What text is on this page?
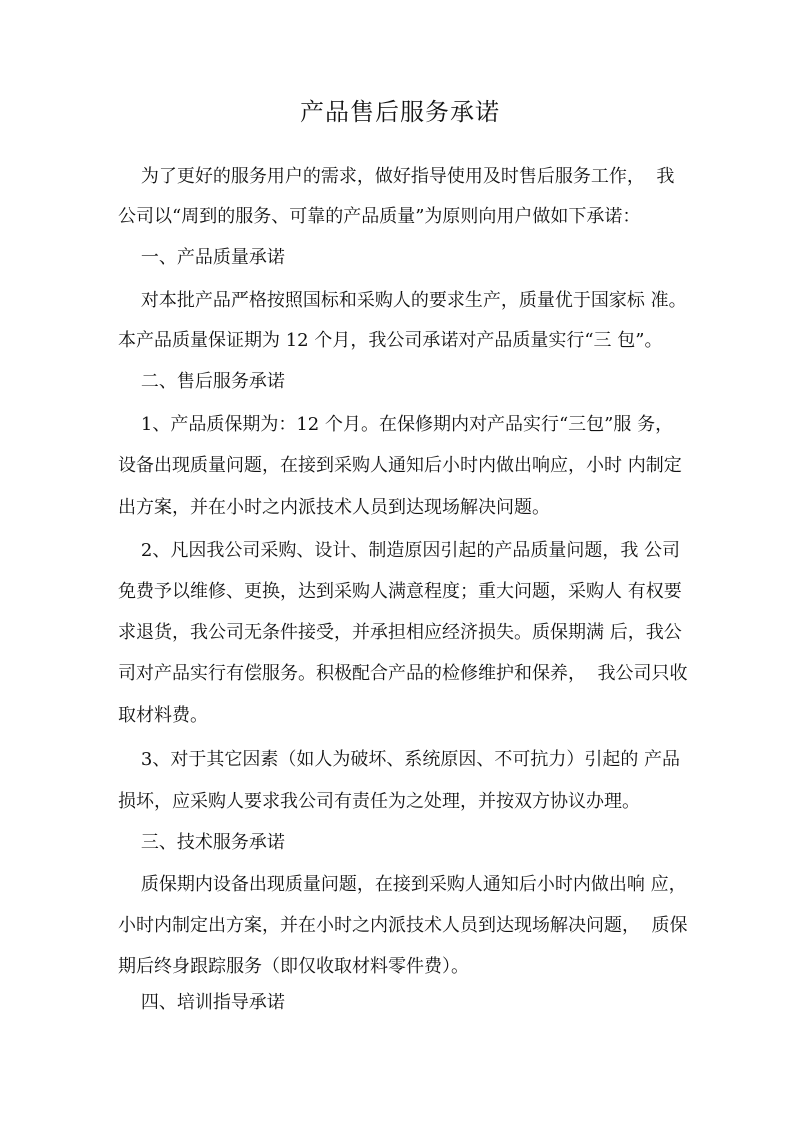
产品售后服务承诺
为了更好的服务用户的需求，做好指导使用及时售后服务工作，  我
公司以“周到的服务、可靠的产品质量”为原则向用户做如下承诺：
一、产品质量承诺
对本批产品严格按照国标和采购人的要求生产，质量优于国家标 准。
本产品质量保证期为 12 个月，我公司承诺对产品质量实行“三 包”。
二、售后服务承诺
1、产品质保期为：12 个月。在保修期内对产品实行“三包”服 务，
设备出现质量问题，在接到采购人通知后小时内做出响应，小时 内制定
出方案，并在小时之内派技术人员到达现场解决问题。
2、凡因我公司采购、设计、制造原因引起的产品质量问题，我 公司
免费予以维修、更换，达到采购人满意程度；重大问题，采购人 有权要
求退货，我公司无条件接受，并承担相应经济损失。质保期满 后，我公
司对产品实行有偿服务。积极配合产品的检修维护和保养，  我公司只收
取材料费。
3、对于其它因素（如人为破坏、系统原因、不可抗力）引起的 产品
损坏，应采购人要求我公司有责任为之处理，并按双方协议办理。
三、技术服务承诺
质保期内设备出现质量问题，在接到采购人通知后小时内做出响 应，
小时内制定出方案，并在小时之内派技术人员到达现场解决问题，  质保
期后终身跟踪服务（即仅收取材料零件费）。
四、培训指导承诺
